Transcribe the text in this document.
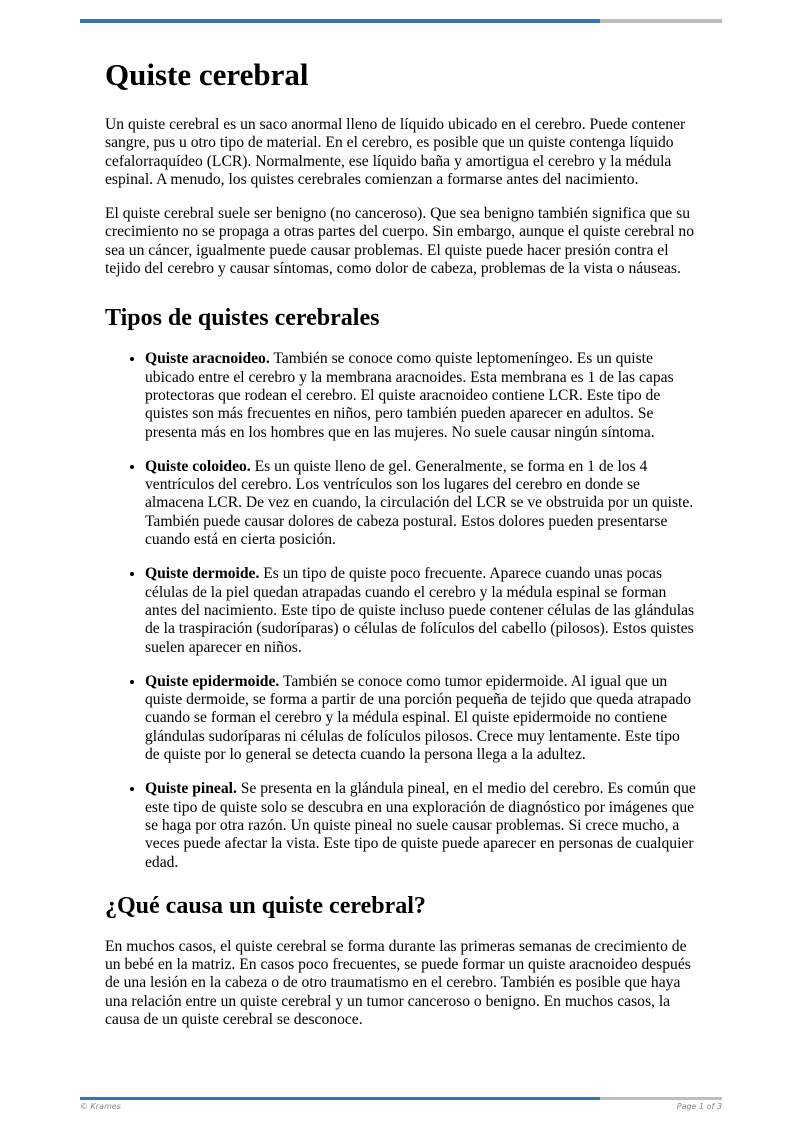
Quiste cerebral

Un quiste cerebral es un saco anormal lleno de líquido ubicado en el cerebro. Puede contener sangre, pus u otro tipo de material. En el cerebro, es posible que un quiste contenga líquido cefalorraquídeo (LCR). Normalmente, ese líquido baña y amortigua el cerebro y la médula espinal. A menudo, los quistes cerebrales comienzan a formarse antes del nacimiento.

El quiste cerebral suele ser benigno (no canceroso). Que sea benigno también significa que su crecimiento no se propaga a otras partes del cuerpo. Sin embargo, aunque el quiste cerebral no sea un cáncer, igualmente puede causar problemas. El quiste puede hacer presión contra el tejido del cerebro y causar síntomas, como dolor de cabeza, problemas de la vista o náuseas.

Tipos de quistes cerebrales
• Quiste aracnoideo. También se conoce como quiste leptomeníngeo. Es un quiste ubicado entre el cerebro y la membrana aracnoides. Esta membrana es 1 de las capas protectoras que rodean el cerebro. El quiste aracnoideo contiene LCR. Este tipo de quistes son más frecuentes en niños, pero también pueden aparecer en adultos. Se presenta más en los hombres que en las mujeres. No suele causar ningún síntoma.
• Quiste coloideo. Es un quiste lleno de gel. Generalmente, se forma en 1 de los 4 ventrículos del cerebro. Los ventrículos son los lugares del cerebro en donde se almacena LCR. De vez en cuando, la circulación del LCR se ve obstruida por un quiste. También puede causar dolores de cabeza postural. Estos dolores pueden presentarse cuando está en cierta posición.
• Quiste dermoide. Es un tipo de quiste poco frecuente. Aparece cuando unas pocas células de la piel quedan atrapadas cuando el cerebro y la médula espinal se forman antes del nacimiento. Este tipo de quiste incluso puede contener células de las glándulas de la traspiración (sudoríparas) o células de folículos del cabello (pilosos). Estos quistes suelen aparecer en niños.
• Quiste epidermoide. También se conoce como tumor epidermoide. Al igual que un quiste dermoide, se forma a partir de una porción pequeña de tejido que queda atrapado cuando se forman el cerebro y la médula espinal. El quiste epidermoide no contiene glándulas sudoríparas ni células de folículos pilosos. Crece muy lentamente. Este tipo de quiste por lo general se detecta cuando la persona llega a la adultez.
• Quiste pineal. Se presenta en la glándula pineal, en el medio del cerebro. Es común que este tipo de quiste solo se descubra en una exploración de diagnóstico por imágenes que se haga por otra razón. Un quiste pineal no suele causar problemas. Si crece mucho, a veces puede afectar la vista. Este tipo de quiste puede aparecer en personas de cualquier edad.
¿Qué causa un quiste cerebral?

En muchos casos, el quiste cerebral se forma durante las primeras semanas de crecimiento de un bebé en la matriz. En casos poco frecuentes, se puede formar un quiste aracnoideo después de una lesión en la cabeza o de otro traumatismo en el cerebro. También es posible que haya una relación entre un quiste cerebral y un tumor canceroso o benigno. En muchos casos, la causa de un quiste cerebral se desconoce.

© Krames	Page 1 of 3
